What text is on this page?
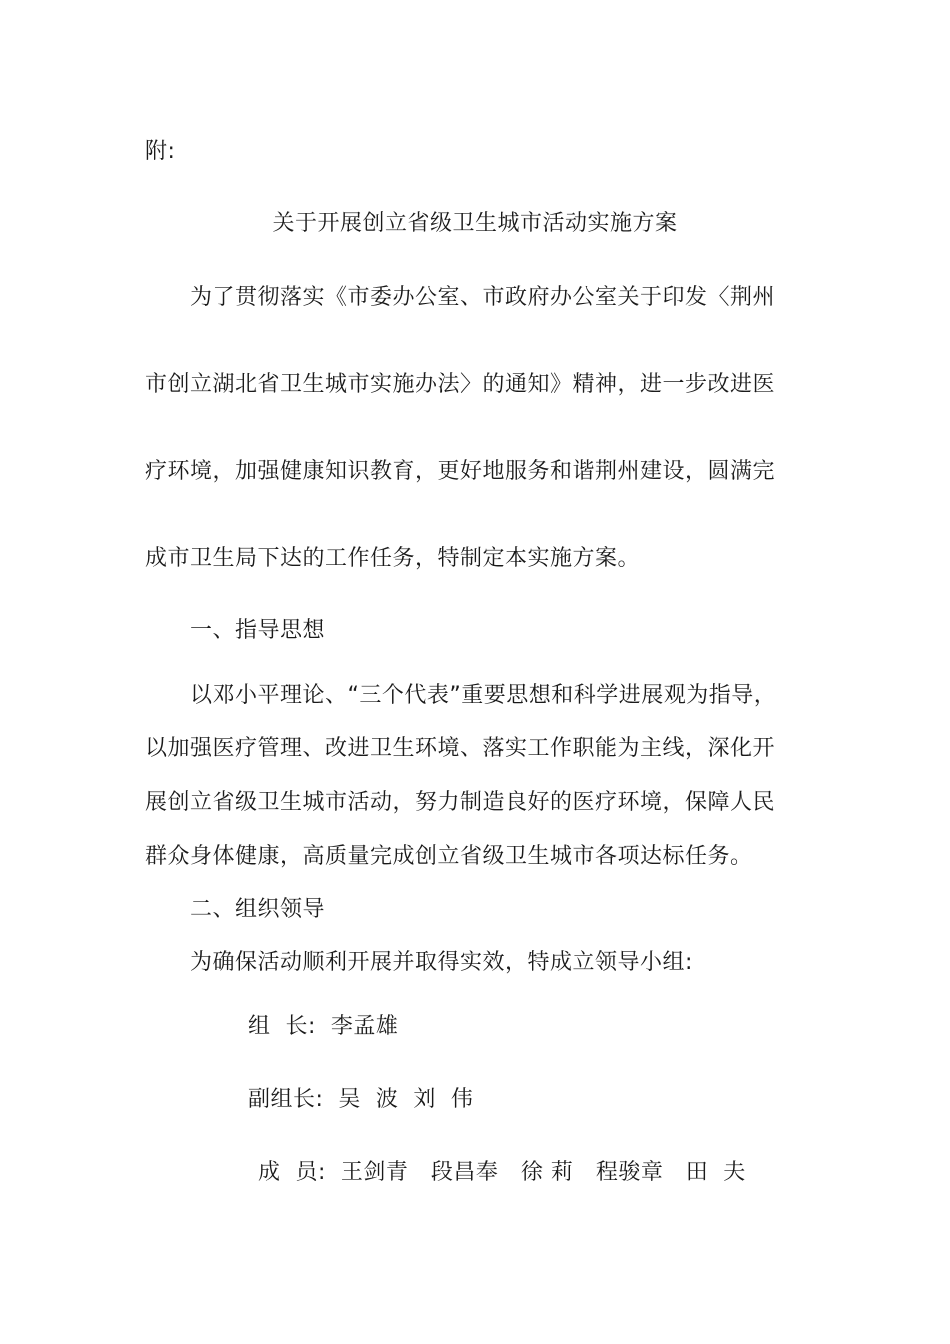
附:
关于开展创立省级卫生城市活动实施方案
为了贯彻落实《市委办公室、市政府办公室关于印发〈荆州
市创立湖北省卫生城市实施办法〉的通知》精神，进一步改进医
疗环境，加强健康知识教育，更好地服务和谐荆州建设，圆满完
成市卫生局下达的工作任务，特制定本实施方案。
一、指导思想
以邓小平理论、“三个代表”重要思想和科学进展观为指导，
以加强医疗管理、改进卫生环境、落实工作职能为主线，深化开
展创立省级卫生城市活动，努力制造良好的医疗环境，保障人民
群众身体健康，高质量完成创立省级卫生城市各项达标任务。
二、组织领导
为确保活动顺利开展并取得实效，特成立领导小组:
组  长:  李孟雄
副组长:  吴  波  刘  伟
成  员:  王剑青   段昌奉   徐 莉   程骏章   田  夫
